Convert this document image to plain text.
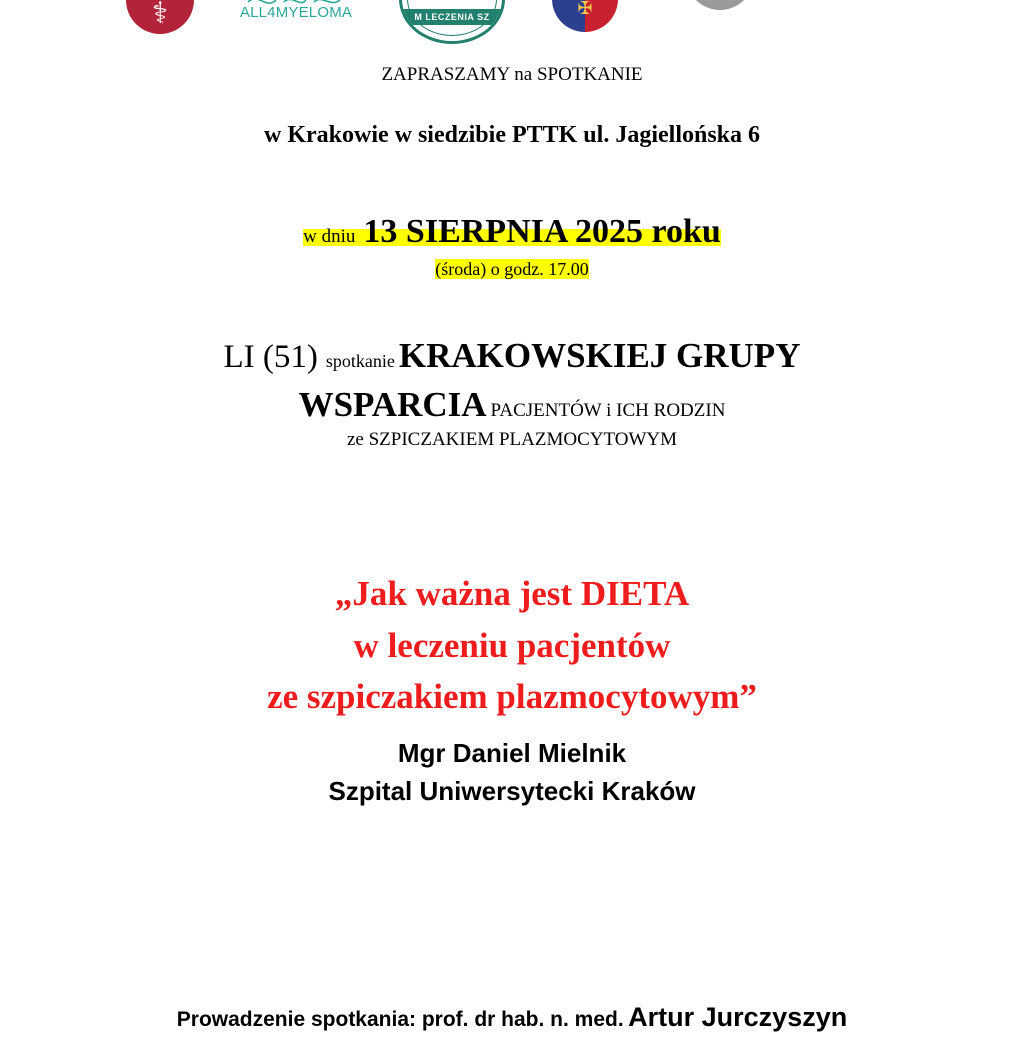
⚕	ALL4MYELOMA	M LECZENIA SZ	✠
ZAPRASZAMY na SPOTKANIE
w Krakowie w siedzibie PTTK ul. Jagiellońska 6
w dniu 13 SIERPNIA 2025 roku
(środa) o godz. 17.00
LI (51) spotkanie KRAKOWSKIEJ GRUPY
WSPARCIA PACJENTÓW i ICH RODZIN
ze SZPICZAKIEM PLAZMOCYTOWYM
„Jak ważna jest DIETA
w leczeniu pacjentów
ze szpiczakiem plazmocytowym”
Mgr Daniel Mielnik
Szpital Uniwersytecki Kraków
Prowadzenie spotkania: prof. dr hab. n. med. Artur Jurczyszyn
